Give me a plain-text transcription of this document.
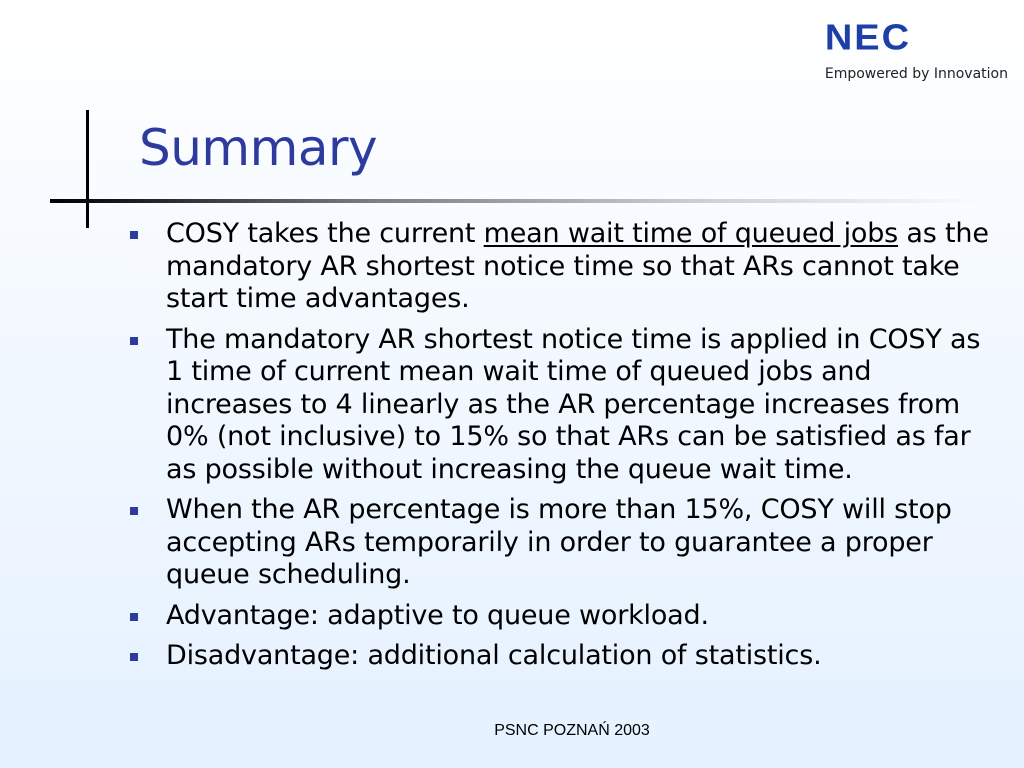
NEC
Empowered by Innovation
Summary
COSY takes the current mean wait time of queued jobs as the mandatory AR shortest notice time so that ARs cannot take start time advantages.
The mandatory AR shortest notice time is applied in COSY as 1 time of current mean wait time of queued jobs and increases to 4 linearly as the AR percentage increases from 0% (not inclusive) to 15% so that ARs can be satisfied as far as possible without increasing the queue wait time.
When the AR percentage is more than 15%, COSY will stop accepting ARs temporarily in order to guarantee a proper queue scheduling.
Advantage: adaptive to queue workload.
Disadvantage: additional calculation of statistics.
PSNC POZNAŃ 2003
